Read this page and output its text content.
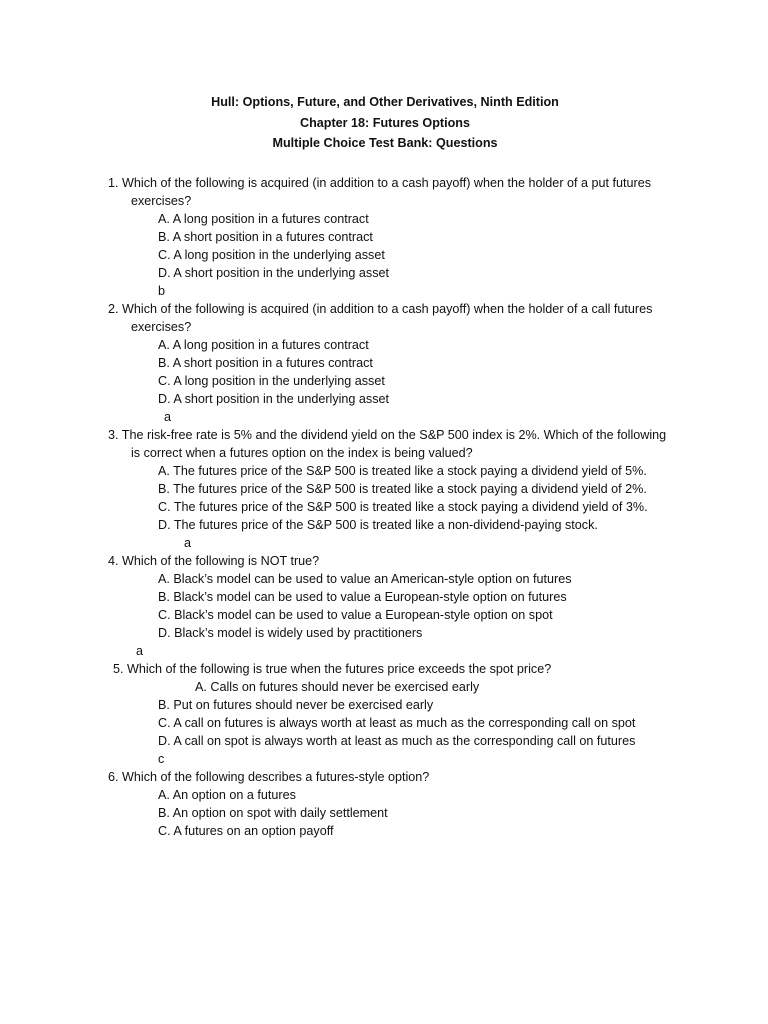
Hull: Options, Future, and Other Derivatives, Ninth Edition
Chapter 18: Futures Options
Multiple Choice Test Bank: Questions
1. Which of the following is acquired (in addition to a cash payoff) when the holder of a put futures
exercises?
A. A long position in a futures contract
B. A short position in a futures contract
C. A long position in the underlying asset
D. A short position in the underlying asset
b
2. Which of the following is acquired (in addition to a cash payoff) when the holder of a call futures
exercises?
A. A long position in a futures contract
B. A short position in a futures contract
C. A long position in the underlying asset
D. A short position in the underlying asset
a
3. The risk-free rate is 5% and the dividend yield on the S&P 500 index is 2%. Which of the following
is correct when a futures option on the index is being valued?
A. The futures price of the S&P 500 is treated like a stock paying a dividend yield of 5%.
B. The futures price of the S&P 500 is treated like a stock paying a dividend yield of 2%.
C. The futures price of the S&P 500 is treated like a stock paying a dividend yield of 3%.
D. The futures price of the S&P 500 is treated like a non-dividend-paying stock.
a
4. Which of the following is NOT true?
A. Black’s model can be used to value an American-style option on futures
B. Black’s model can be used to value a European-style option on futures
C. Black’s model can be used to value a European-style option on spot
D. Black’s model is widely used by practitioners
a
5. Which of the following is true when the futures price exceeds the spot price?
A. Calls on futures should never be exercised early
B. Put on futures should never be exercised early
C. A call on futures is always worth at least as much as the corresponding call on spot
D. A call on spot is always worth at least as much as the corresponding call on futures
c
6. Which of the following describes a futures-style option?
A. An option on a futures
B. An option on spot with daily settlement
C. A futures on an option payoff
